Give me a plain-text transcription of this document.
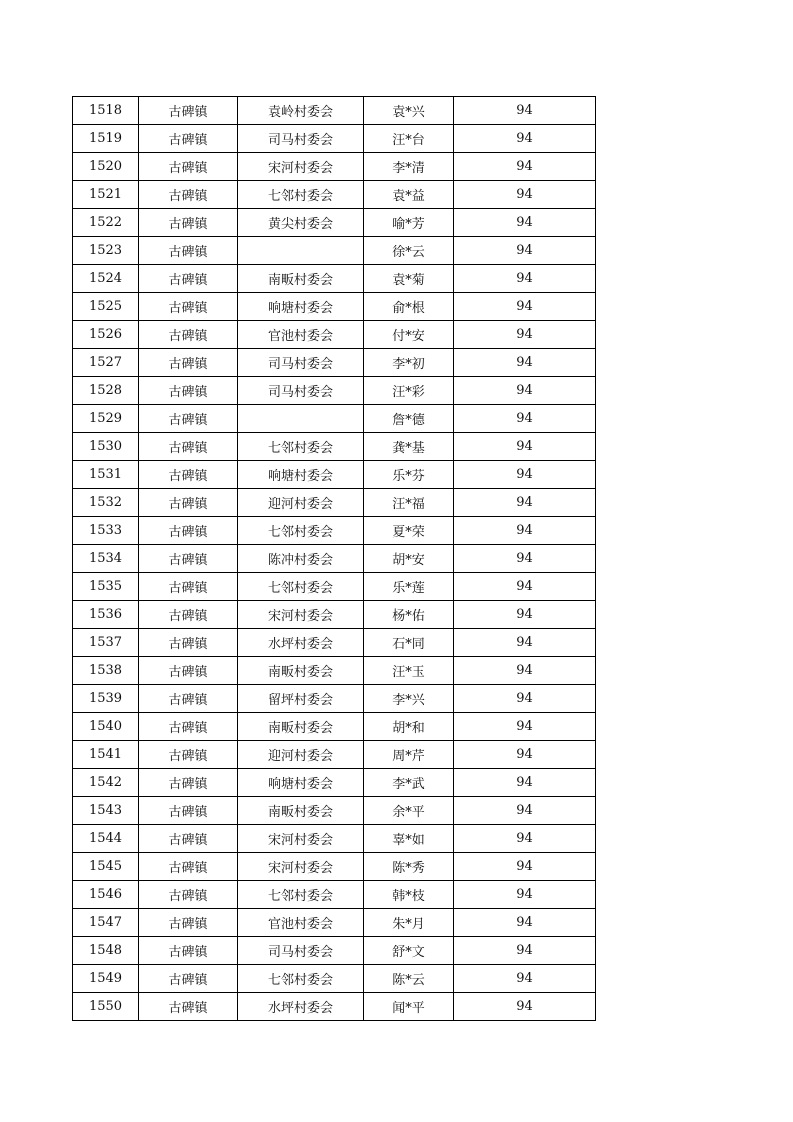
1518	古碑镇	袁岭村委会	袁*兴	94
1519	古碑镇	司马村委会	汪*台	94
1520	古碑镇	宋河村委会	李*清	94
1521	古碑镇	七邻村委会	袁*益	94
1522	古碑镇	黄尖村委会	喻*芳	94
1523	古碑镇		徐*云	94
1524	古碑镇	南畈村委会	袁*菊	94
1525	古碑镇	响塘村委会	俞*根	94
1526	古碑镇	官池村委会	付*安	94
1527	古碑镇	司马村委会	李*初	94
1528	古碑镇	司马村委会	汪*彩	94
1529	古碑镇		詹*德	94
1530	古碑镇	七邻村委会	龚*基	94
1531	古碑镇	响塘村委会	乐*芬	94
1532	古碑镇	迎河村委会	汪*福	94
1533	古碑镇	七邻村委会	夏*荣	94
1534	古碑镇	陈冲村委会	胡*安	94
1535	古碑镇	七邻村委会	乐*莲	94
1536	古碑镇	宋河村委会	杨*佑	94
1537	古碑镇	水坪村委会	石*同	94
1538	古碑镇	南畈村委会	汪*玉	94
1539	古碑镇	留坪村委会	李*兴	94
1540	古碑镇	南畈村委会	胡*和	94
1541	古碑镇	迎河村委会	周*芹	94
1542	古碑镇	响塘村委会	李*武	94
1543	古碑镇	南畈村委会	余*平	94
1544	古碑镇	宋河村委会	辜*如	94
1545	古碑镇	宋河村委会	陈*秀	94
1546	古碑镇	七邻村委会	韩*枝	94
1547	古碑镇	官池村委会	朱*月	94
1548	古碑镇	司马村委会	舒*文	94
1549	古碑镇	七邻村委会	陈*云	94
1550	古碑镇	水坪村委会	闻*平	94
